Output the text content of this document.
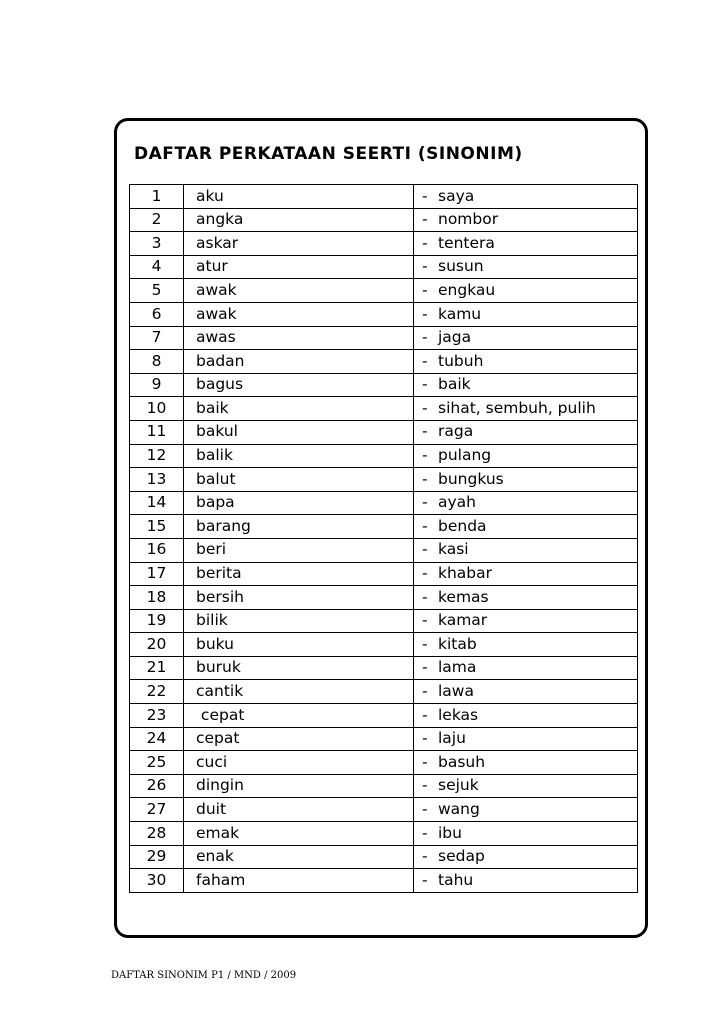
DAFTAR PERKATAAN SEERTI (SINONIM)
1	aku	- saya
2	angka	- nombor
3	askar	- tentera
4	atur	- susun
5	awak	- engkau
6	awak	- kamu
7	awas	- jaga
8	badan	- tubuh
9	bagus	- baik
10	baik	- sihat, sembuh, pulih
11	bakul	- raga
12	balik	- pulang
13	balut	- bungkus
14	bapa	- ayah
15	barang	- benda
16	beri	- kasi
17	berita	- khabar
18	bersih	- kemas
19	bilik	- kamar
20	buku	- kitab
21	buruk	- lama
22	cantik	- lawa
23	cepat	- lekas
24	cepat	- laju
25	cuci	- basuh
26	dingin	- sejuk
27	duit	- wang
28	emak	- ibu
29	enak	- sedap
30	faham	- tahu

DAFTAR SINONIM P1 / MND / 2009
